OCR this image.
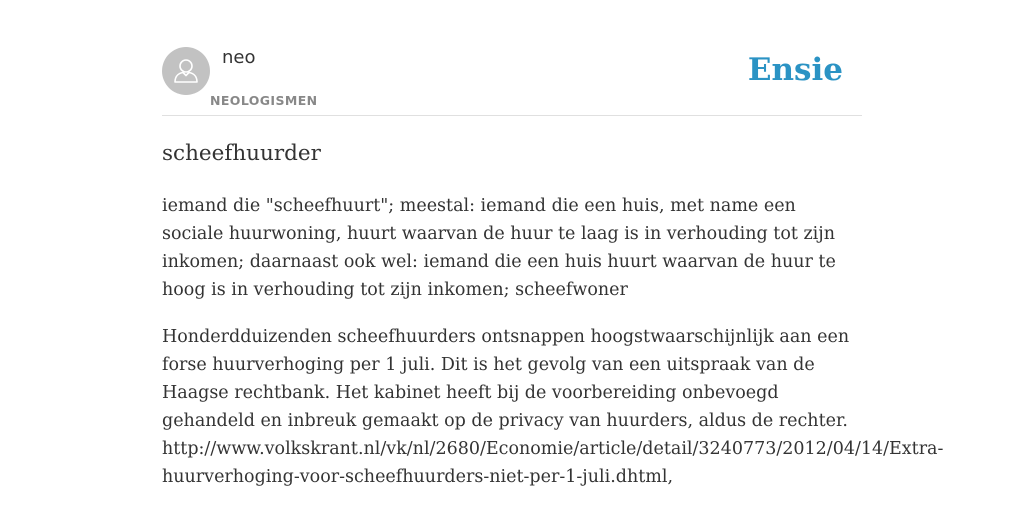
neo
NEOLOGISMEN
Ensie
scheefhuurder

iemand die "scheefhuurt"; meestal: iemand die een huis, met name een sociale huurwoning, huurt waarvan de huur te laag is in verhouding tot zijn inkomen; daarnaast ook wel: iemand die een huis huurt waarvan de huur te hoog is in verhouding tot zijn inkomen; scheefwoner

Honderdduizenden scheefhuurders ontsnappen hoogstwaarschijnlijk aan een forse huurverhoging per 1 juli. Dit is het gevolg van een uitspraak van de Haagse rechtbank. Het kabinet heeft bij de voorbereiding onbevoegd gehandeld en inbreuk gemaakt op de privacy van huurders, aldus de rechter.
http://www.volkskrant.nl/vk/nl/2680/Economie/article/detail/3240773/2012/04/14/Extra-
huurverhoging-voor-scheefhuurders-niet-per-1-juli.dhtml,
